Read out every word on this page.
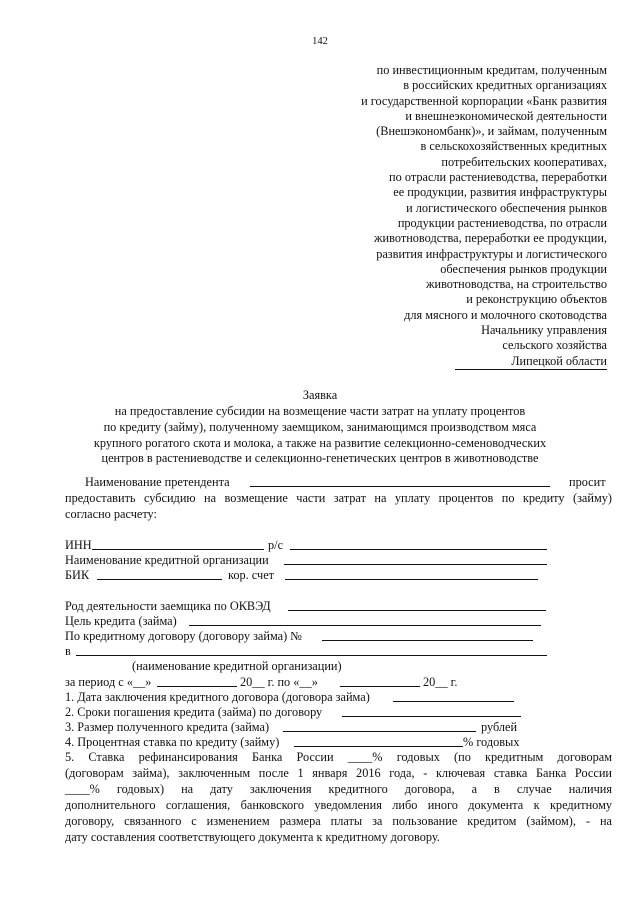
142
по инвестиционным кредитам, полученным
в российских кредитных организациях
и государственной корпорации «Банк развития
и внешнеэкономической деятельности
(Внешэкономбанк)», и займам, полученным
в сельскохозяйственных кредитных
потребительских кооперативах,
по отрасли растениеводства, переработки
ее продукции, развития инфраструктуры
и логистического обеспечения рынков
продукции растениеводства, по отрасли
животноводства, переработки ее продукции,
развития инфраструктуры и логистического
обеспечения рынков продукции
животноводства, на строительство
и реконструкцию объектов
для мясного и молочного скотоводства
Начальнику управления
сельского хозяйства
Липецкой области
Заявка
на предоставление субсидии на возмещение части затрат на уплату процентов
по кредиту (займу), полученному заемщиком, занимающимся производством мяса
крупного рогатого скота и молока, а также на развитие селекционно-семеноводческих
центров в растениеводстве и селекционно-генетических центров в животноводстве
Наименование претендента	просит
предоставить субсидию на возмещение части затрат на уплату процентов по кредиту (займу)
согласно расчету:
ИНН	р/с
Наименование кредитной организации
БИК	кор. счет
Род деятельности заемщика по ОКВЭД
Цель кредита (займа)
По кредитному договору (договору займа) №
в
(наименование кредитной организации)
за период с «__»	20__ г. по «__»	20__ г.
1. Дата заключения кредитного договора (договора займа)
2. Сроки погашения кредита (займа) по договору
3. Размер полученного кредита (займа)	рублей
4. Процентная ставка по кредиту (займу)	% годовых
5. Ставка рефинансирования Банка России ____% годовых (по кредитным договорам
(договорам займа), заключенным после 1 января 2016 года, - ключевая ставка Банка России
____% годовых) на дату заключения кредитного договора, а в случае наличия
дополнительного соглашения, банковского уведомления либо иного документа к кредитному
договору, связанного с изменением размера платы за пользование кредитом (займом), - на
дату составления соответствующего документа к кредитному договору.
